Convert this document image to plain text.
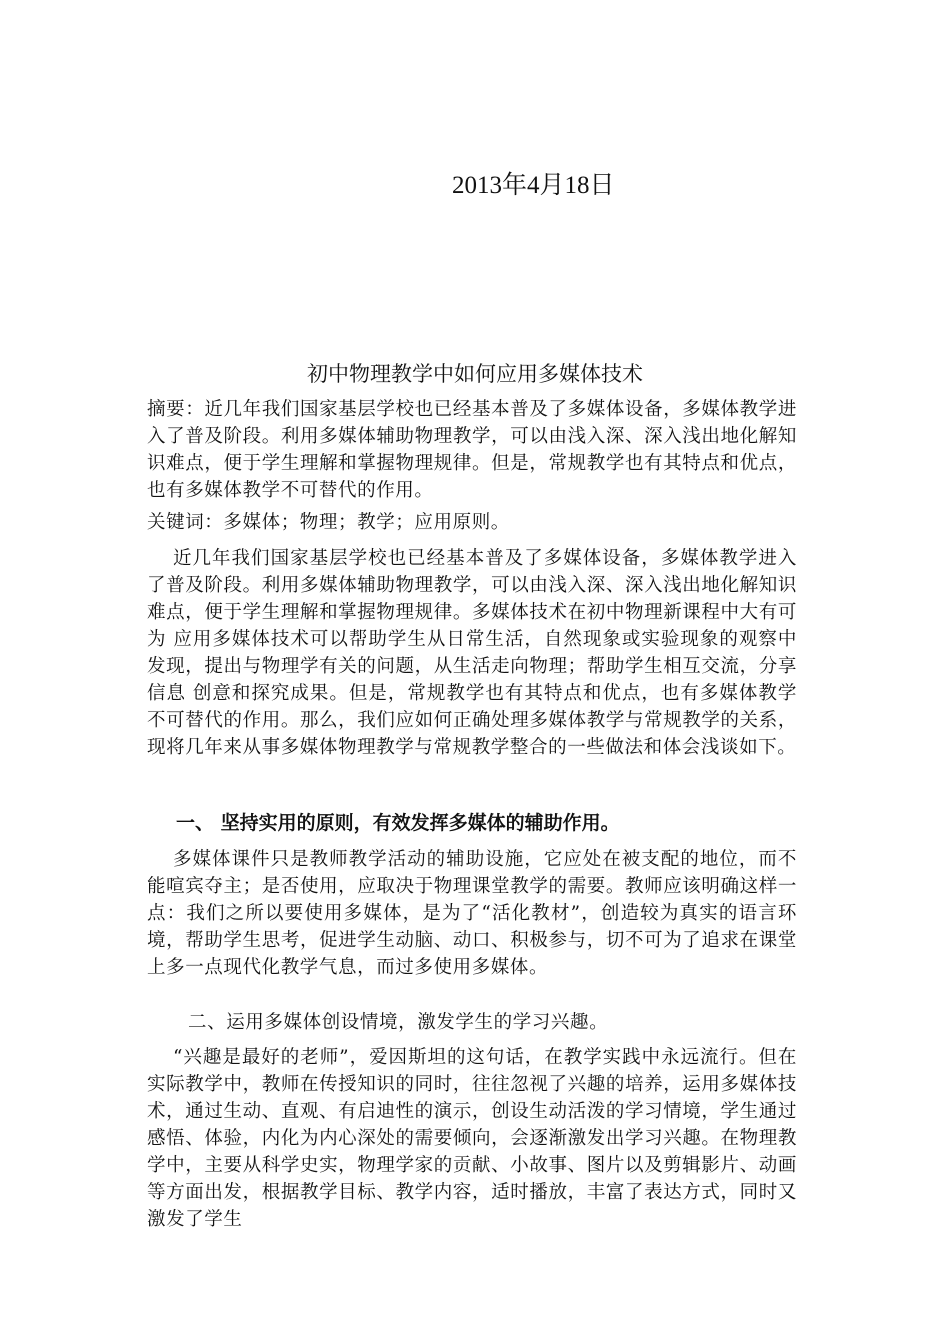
2013年4月18日
初中物理教学中如何应用多媒体技术
摘要：近几年我们国家基层学校也已经基本普及了多媒体设备，多媒体教学进入了普及阶段。利用多媒体辅助物理教学，可以由浅入深、深入浅出地化解知识难点，便于学生理解和掌握物理规律。但是，常规教学也有其特点和优点，也有多媒体教学不可替代的作用。
关键词：多媒体；物理；教学；应用原则。
近几年我们国家基层学校也已经基本普及了多媒体设备，多媒体教学进入了普及阶段。利用多媒体辅助物理教学，可以由浅入深、深入浅出地化解知识难点，便于学生理解和掌握物理规律。多媒体技术在初中物理新课程中大有可为 应用多媒体技术可以帮助学生从日常生活，自然现象或实验现象的观察中发现，提出与物理学有关的问题，从生活走向物理；帮助学生相互交流，分享信息 创意和探究成果。但是，常规教学也有其特点和优点，也有多媒体教学不可替代的作用。那么，我们应如何正确处理多媒体教学与常规教学的关系，现将几年来从事多媒体物理教学与常规教学整合的一些做法和体会浅谈如下。
一、 坚持实用的原则，有效发挥多媒体的辅助作用。
多媒体课件只是教师教学活动的辅助设施，它应处在被支配的地位，而不能喧宾夺主；是否使用，应取决于物理课堂教学的需要。教师应该明确这样一点：我们之所以要使用多媒体，是为了“活化教材”，创造较为真实的语言环境，帮助学生思考，促进学生动脑、动口、积极参与，切不可为了追求在课堂上多一点现代化教学气息，而过多使用多媒体。
二、运用多媒体创设情境，激发学生的学习兴趣。
“兴趣是最好的老师”，爱因斯坦的这句话，在教学实践中永远流行。但在实际教学中，教师在传授知识的同时，往往忽视了兴趣的培养，运用多媒体技术，通过生动、直观、有启迪性的演示，创设生动活泼的学习情境，学生通过感悟、体验，内化为内心深处的需要倾向，会逐渐激发出学习兴趣。在物理教学中，主要从科学史实，物理学家的贡献、小故事、图片以及剪辑影片、动画等方面出发，根据教学目标、教学内容，适时播放，丰富了表达方式，同时又激发了学生
